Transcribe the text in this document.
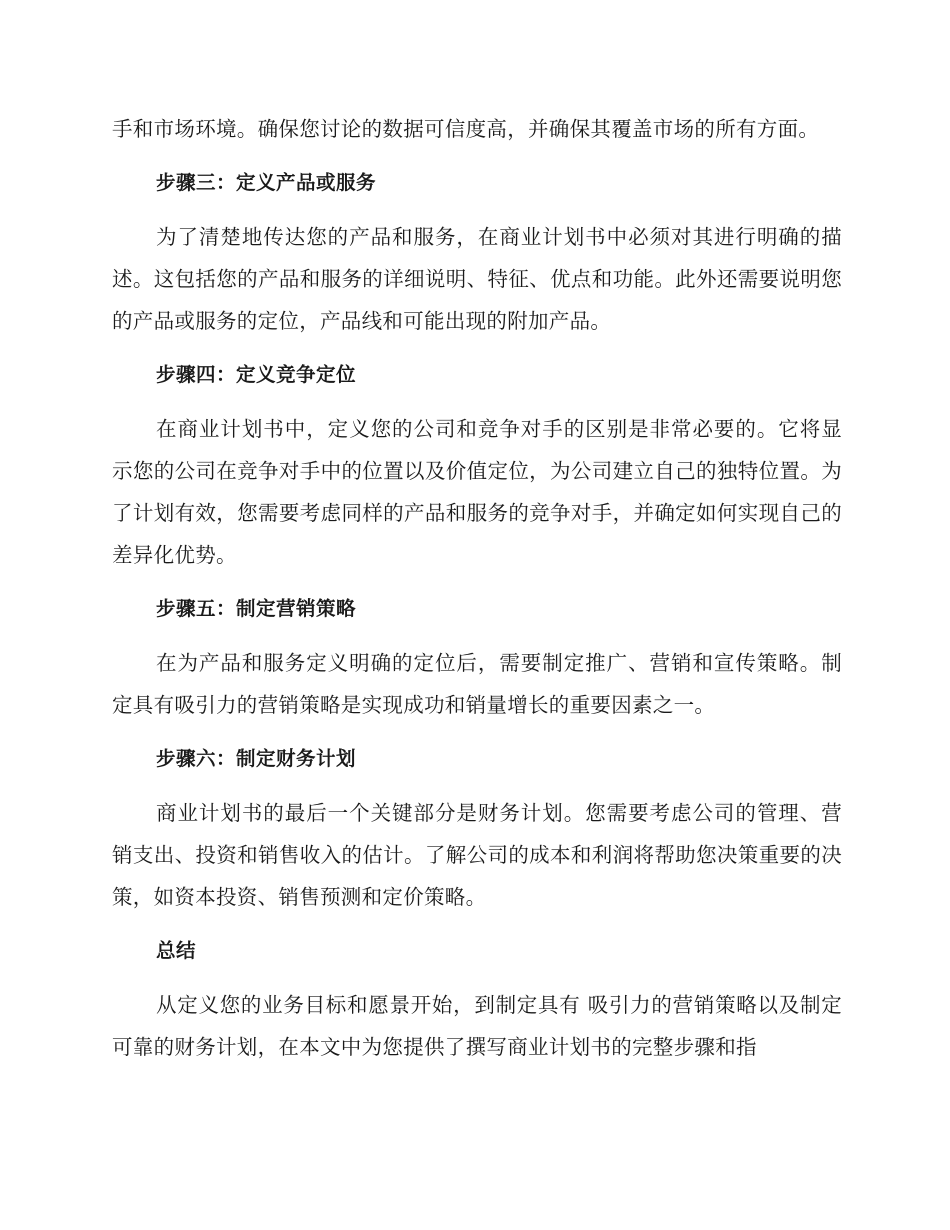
手和市场环境。确保您讨论的数据可信度高，并确保其覆盖市场的所有方面。

步骤三：定义产品或服务

为了清楚地传达您的产品和服务，在商业计划书中必须对其进行明确的描述。这包括您的产品和服务的详细说明、特征、优点和功能。此外还需要说明您的产品或服务的定位，产品线和可能出现的附加产品。

步骤四：定义竞争定位

在商业计划书中，定义您的公司和竞争对手的区别是非常必要的。它将显示您的公司在竞争对手中的位置以及价值定位，为公司建立自己的独特位置。为了计划有效，您需要考虑同样的产品和服务的竞争对手，并确定如何实现自己的差异化优势。

步骤五：制定营销策略

在为产品和服务定义明确的定位后，需要制定推广、营销和宣传策略。制定具有吸引力的营销策略是实现成功和销量增长的重要因素之一。

步骤六：制定财务计划

商业计划书的最后一个关键部分是财务计划。您需要考虑公司的管理、营销支出、投资和销售收入的估计。了解公司的成本和利润将帮助您决策重要的决策，如资本投资、销售预测和定价策略。

总结

从定义您的业务目标和愿景开始，到制定具有 吸引力的营销策略以及制定可靠的财务计划，在本文中为您提供了撰写商业计划书的完整步骤和指
